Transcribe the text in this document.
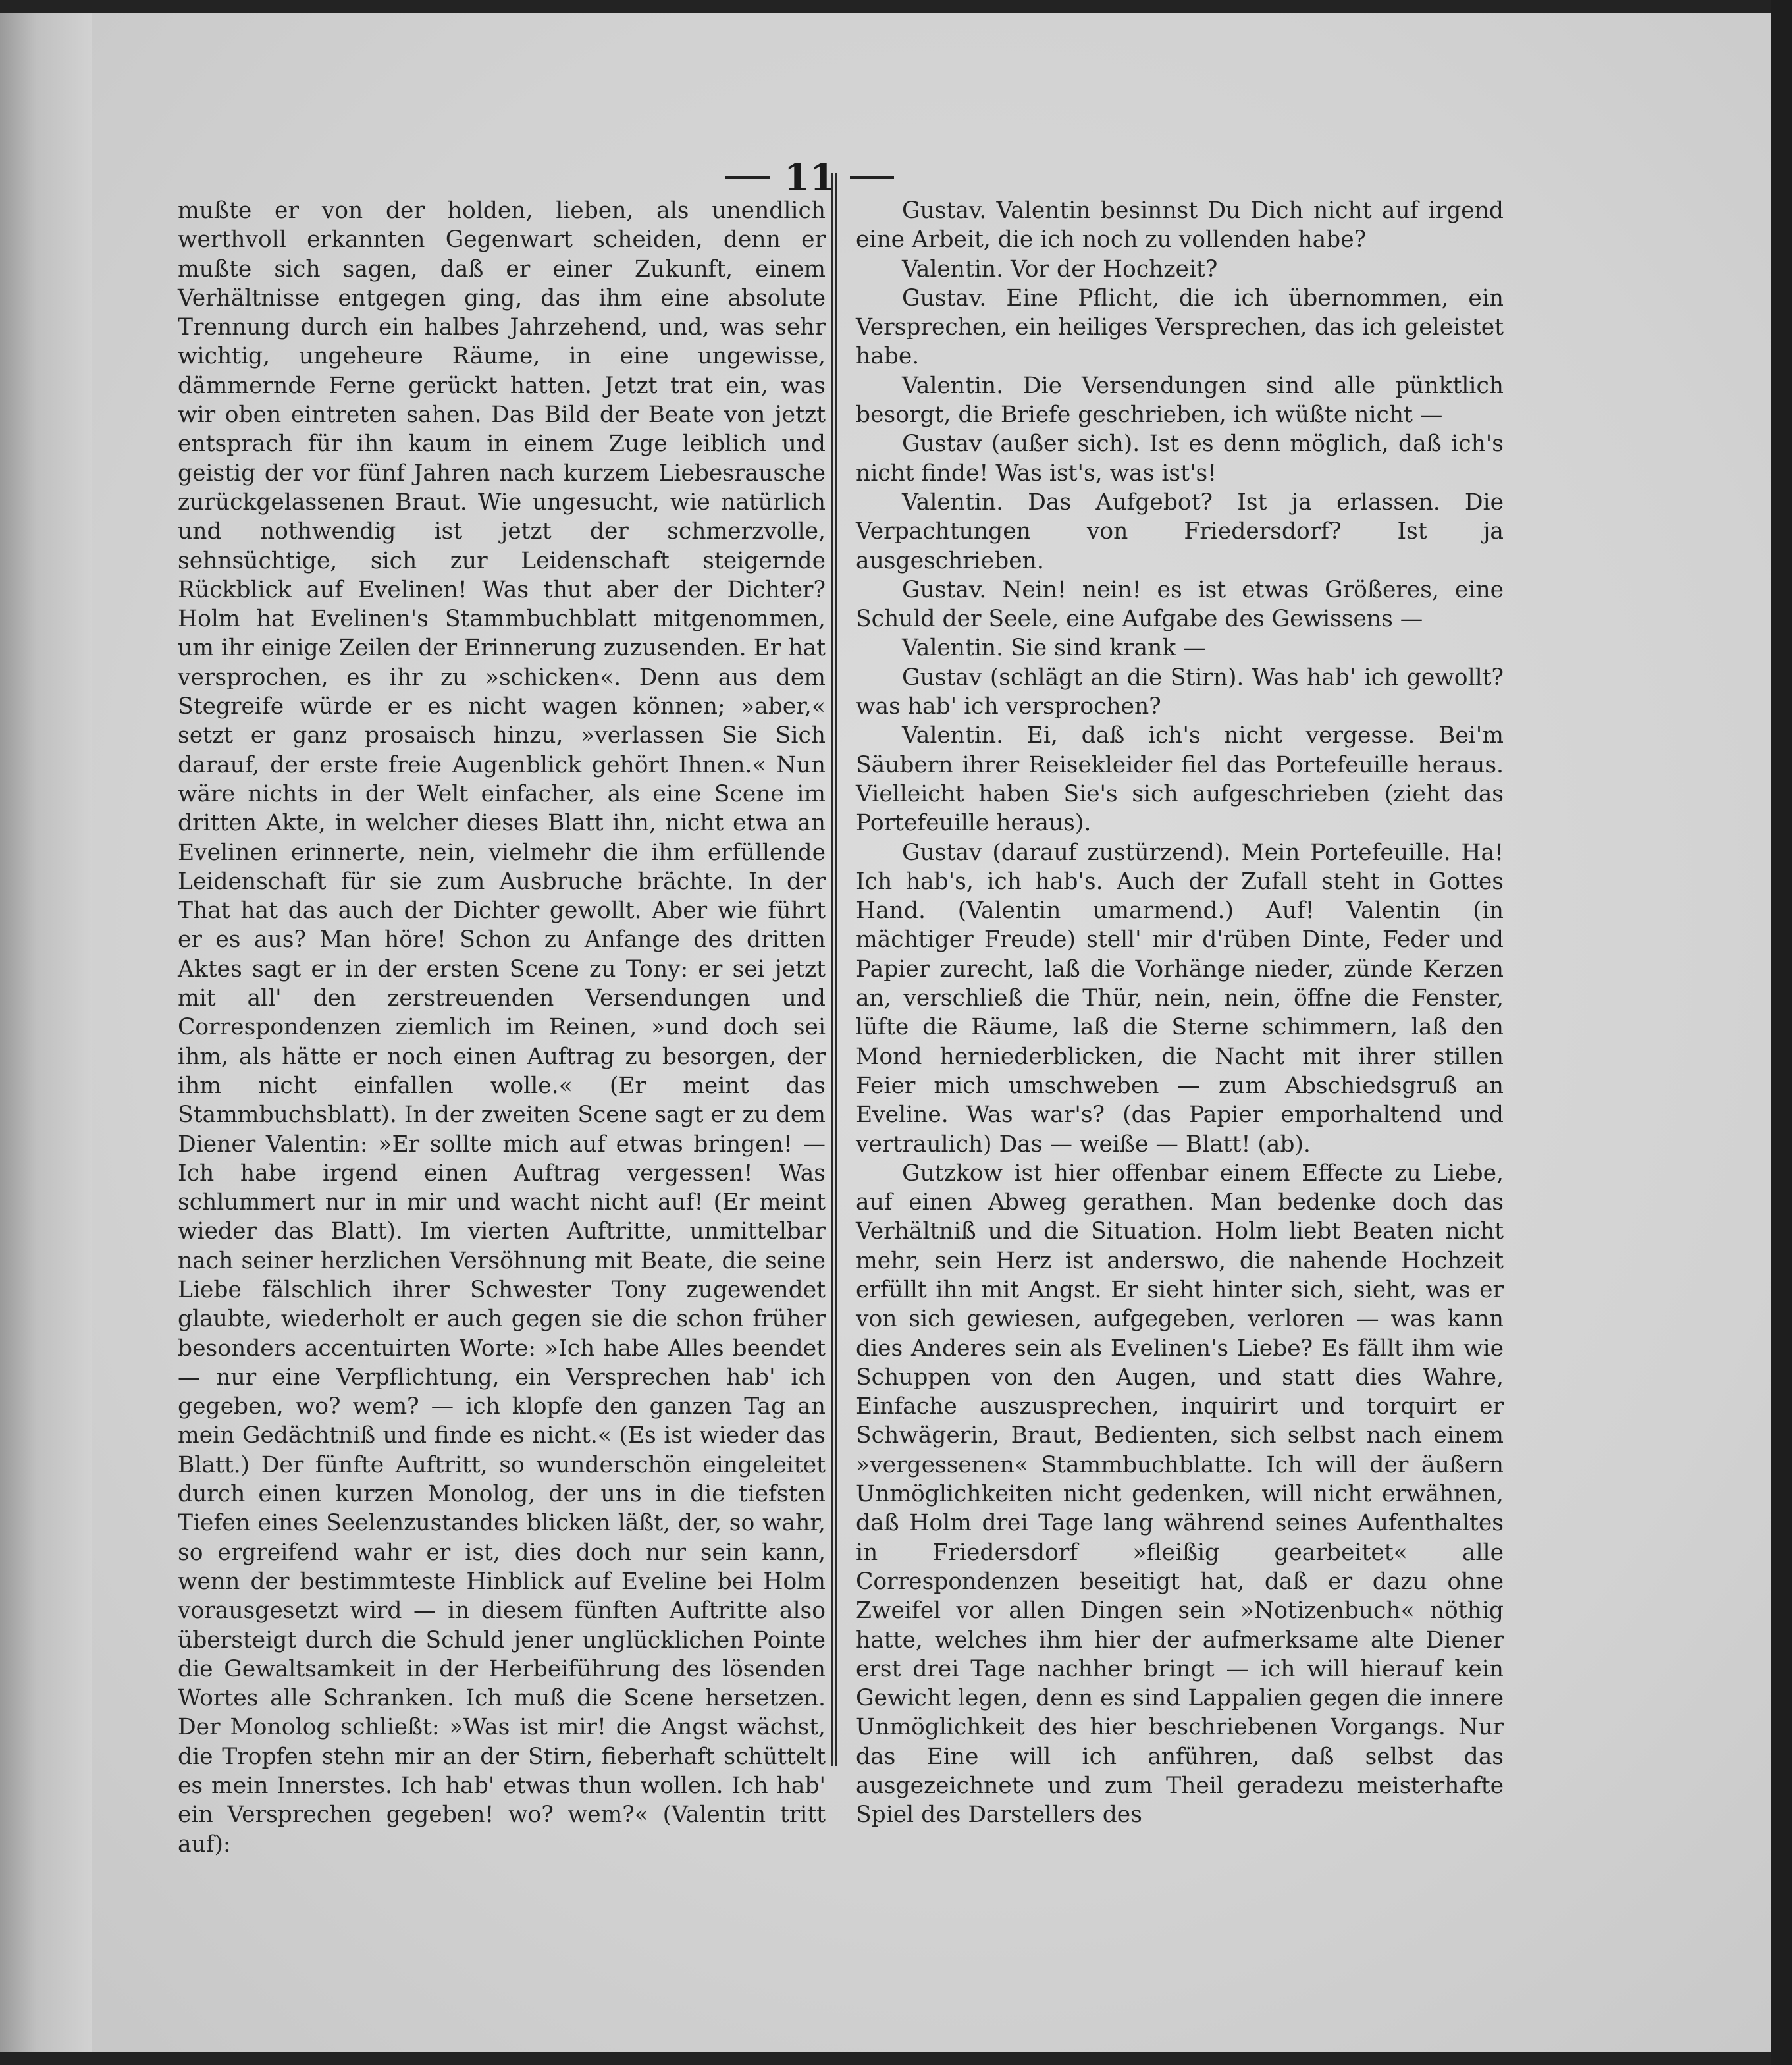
11

mußte er von der holden, lieben, als unendlich werthvoll erkannten Gegenwart scheiden, denn er mußte sich sagen, daß er einer Zukunft, einem Verhältnisse entgegen ging, das ihm eine absolute Trennung durch ein halbes Jahrzehend, und, was sehr wichtig, ungeheure Räume, in eine ungewisse, dämmernde Ferne gerückt hatten. Jetzt trat ein, was wir oben eintreten sahen. Das Bild der Beate von jetzt entsprach für ihn kaum in einem Zuge leiblich und geistig der vor fünf Jahren nach kurzem Liebesrausche zurückgelassenen Braut. Wie ungesucht, wie natürlich und nothwendig ist jetzt der schmerzvolle, sehnsüchtige, sich zur Leidenschaft steigernde Rückblick auf Evelinen! Was thut aber der Dichter? Holm hat Evelinen's Stammbuchblatt mitgenommen, um ihr einige Zeilen der Erinnerung zuzusenden. Er hat versprochen, es ihr zu »schicken«. Denn aus dem Stegreife würde er es nicht wagen können; »aber,« setzt er ganz prosaisch hinzu, »verlassen Sie Sich darauf, der erste freie Augenblick gehört Ihnen.« Nun wäre nichts in der Welt einfacher, als eine Scene im dritten Akte, in welcher dieses Blatt ihn, nicht etwa an Evelinen erinnerte, nein, vielmehr die ihm erfüllende Leidenschaft für sie zum Ausbruche brächte. In der That hat das auch der Dichter gewollt. Aber wie führt er es aus? Man höre! Schon zu Anfange des dritten Aktes sagt er in der ersten Scene zu Tony: er sei jetzt mit all' den zerstreuenden Versendungen und Correspondenzen ziemlich im Reinen, »und doch sei ihm, als hätte er noch einen Auftrag zu besorgen, der ihm nicht einfallen wolle.« (Er meint das Stammbuchsblatt). In der zweiten Scene sagt er zu dem Diener Valentin: »Er sollte mich auf etwas bringen! — Ich habe irgend einen Auftrag vergessen! Was schlummert nur in mir und wacht nicht auf! (Er meint wieder das Blatt). Im vierten Auftritte, unmittelbar nach seiner herzlichen Versöhnung mit Beate, die seine Liebe fälschlich ihrer Schwester Tony zugewendet glaubte, wiederholt er auch gegen sie die schon früher besonders accentuirten Worte: »Ich habe Alles beendet — nur eine Verpflichtung, ein Versprechen hab' ich gegeben, wo? wem? — ich klopfe den ganzen Tag an mein Gedächtniß und finde es nicht.« (Es ist wieder das Blatt.) Der fünfte Auftritt, so wunderschön eingeleitet durch einen kurzen Monolog, der uns in die tiefsten Tiefen eines Seelenzustandes blicken läßt, der, so wahr, so ergreifend wahr er ist, dies doch nur sein kann, wenn der bestimmteste Hinblick auf Eveline bei Holm vorausgesetzt wird — in diesem fünften Auftritte also übersteigt durch die Schuld jener unglücklichen Pointe die Gewaltsamkeit in der Herbeiführung des lösenden Wortes alle Schranken. Ich muß die Scene hersetzen. Der Monolog schließt: »Was ist mir! die Angst wächst, die Tropfen stehn mir an der Stirn, fieberhaft schüttelt es mein Innerstes. Ich hab' etwas thun wollen. Ich hab' ein Versprechen gegeben! wo? wem?« (Valentin tritt auf):

Gustav. Valentin besinnst Du Dich nicht auf irgend eine Arbeit, die ich noch zu vollenden habe?

Valentin. Vor der Hochzeit?

Gustav. Eine Pflicht, die ich übernommen, ein Versprechen, ein heiliges Versprechen, das ich geleistet habe.

Valentin. Die Versendungen sind alle pünktlich besorgt, die Briefe geschrieben, ich wüßte nicht —

Gustav (außer sich). Ist es denn möglich, daß ich's nicht finde! Was ist's, was ist's!

Valentin. Das Aufgebot? Ist ja erlassen. Die Verpachtungen von Friedersdorf? Ist ja ausgeschrieben.

Gustav. Nein! nein! es ist etwas Größeres, eine Schuld der Seele, eine Aufgabe des Gewissens —

Valentin. Sie sind krank —

Gustav (schlägt an die Stirn). Was hab' ich gewollt? was hab' ich versprochen?

Valentin. Ei, daß ich's nicht vergesse. Bei'm Säubern ihrer Reisekleider fiel das Portefeuille heraus. Vielleicht haben Sie's sich aufgeschrieben (zieht das Portefeuille heraus).

Gustav (darauf zustürzend). Mein Portefeuille. Ha! Ich hab's, ich hab's. Auch der Zufall steht in Gottes Hand. (Valentin umarmend.) Auf! Valentin (in mächtiger Freude) stell' mir d'rüben Dinte, Feder und Papier zurecht, laß die Vorhänge nieder, zünde Kerzen an, verschließ die Thür, nein, nein, öffne die Fenster, lüfte die Räume, laß die Sterne schimmern, laß den Mond herniederblicken, die Nacht mit ihrer stillen Feier mich umschweben — zum Abschiedsgruß an Eveline. Was war's? (das Papier emporhaltend und vertraulich) Das — weiße — Blatt! (ab).

Gutzkow ist hier offenbar einem Effecte zu Liebe, auf einen Abweg gerathen. Man bedenke doch das Verhältniß und die Situation. Holm liebt Beaten nicht mehr, sein Herz ist anderswo, die nahende Hochzeit erfüllt ihn mit Angst. Er sieht hinter sich, sieht, was er von sich gewiesen, aufgegeben, verloren — was kann dies Anderes sein als Evelinen's Liebe? Es fällt ihm wie Schuppen von den Augen, und statt dies Wahre, Einfache auszusprechen, inquirirt und torquirt er Schwägerin, Braut, Bedienten, sich selbst nach einem »vergessenen« Stammbuchblatte. Ich will der äußern Unmöglichkeiten nicht gedenken, will nicht erwähnen, daß Holm drei Tage lang während seines Aufenthaltes in Friedersdorf »fleißig gearbeitet« alle Correspondenzen beseitigt hat, daß er dazu ohne Zweifel vor allen Dingen sein »Notizenbuch« nöthig hatte, welches ihm hier der aufmerksame alte Diener erst drei Tage nachher bringt — ich will hierauf kein Gewicht legen, denn es sind Lappalien gegen die innere Unmöglichkeit des hier beschriebenen Vorgangs. Nur das Eine will ich anführen, daß selbst das ausgezeichnete und zum Theil geradezu meisterhafte Spiel des Darstellers des
